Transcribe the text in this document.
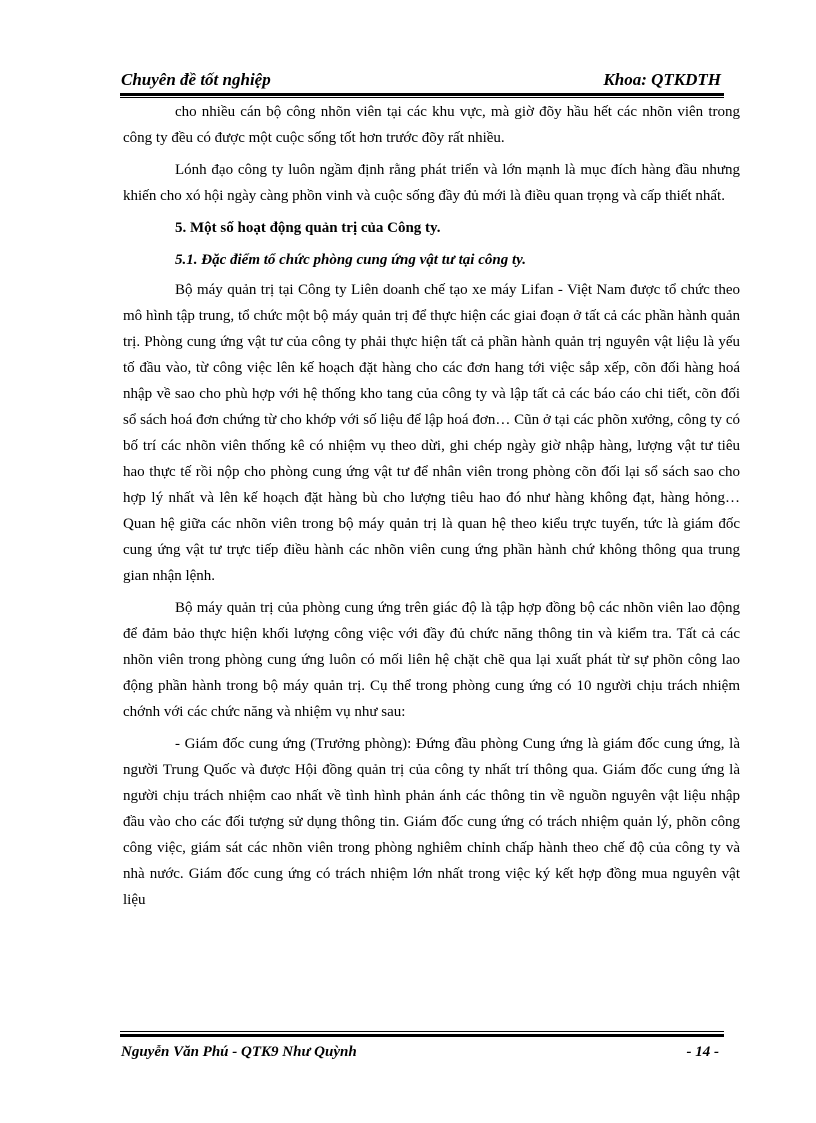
Chuyên đề tốt nghiệp	Khoa: QTKDTH

cho nhiều cán bộ công nhõn viên tại các khu vực, mà giờ đõy hầu hết các nhõn viên trong công ty đều có được một cuộc sống tốt hơn trước đõy rất nhiều.

Lónh đạo công ty luôn ngầm định rằng phát triển và lớn mạnh là mục đích hàng đầu nhưng khiến cho xó hội ngày càng phồn vinh và cuộc sống đầy đủ mới là điều quan trọng và cấp thiết nhất.

5. Một số hoạt động quản trị của Công ty.

5.1. Đặc điểm tổ chức phòng cung ứng vật tư tại công ty.

Bộ máy quản trị tại Công ty Liên doanh chế tạo xe máy Lifan - Việt Nam được tổ chức theo mô hình tập trung, tổ chức một bộ máy quản trị để thực hiện các giai đoạn ở tất cả các phần hành quản trị. Phòng cung ứng vật tư của công ty phải thực hiện tất cả phần hành quản trị nguyên vật liệu là yếu tố đầu vào, từ công việc lên kế hoạch đặt hàng cho các đơn hang tới việc sắp xếp, cõn đối hàng hoá nhập về sao cho phù hợp với hệ thống kho tang của công ty và lập tất cả các báo cáo chi tiết, cõn đối sổ sách hoá đơn chứng từ cho khớp với số liệu để lập hoá đơn… Cũn ở tại các phõn xưởng, công ty có bố trí các nhõn viên thống kê có nhiệm vụ theo dừi, ghi chép ngày giờ nhập hàng, lượng vật tư tiêu hao thực tế rồi nộp cho phòng cung ứng vật tư để nhân viên trong phòng cõn đối lại sổ sách sao cho hợp lý nhất và lên kế hoạch đặt hàng bù cho lượng tiêu hao đó như hàng không đạt, hàng hỏng… Quan hệ giữa các nhõn viên trong bộ máy quản trị là quan hệ theo kiểu trực tuyến, tức là giám đốc cung ứng vật tư trực tiếp điều hành các nhõn viên cung ứng phần hành chứ không thông qua trung gian nhận lệnh.

Bộ máy quản trị của phòng cung ứng trên giác độ là tập hợp đồng bộ các nhõn viên lao động để đảm bảo thực hiện khối lượng công việc với đầy đủ chức năng thông tin và kiểm tra. Tất cả các nhõn viên trong phòng cung ứng luôn có mối liên hệ chặt chẽ qua lại xuất phát từ sự phõn công lao động phần hành trong bộ máy quản trị. Cụ thể trong phòng cung ứng có 10 người chịu trách nhiệm chớnh với các chức năng và nhiệm vụ như sau:

- Giám đốc cung ứng (Trưởng phòng): Đứng đầu phòng Cung ứng là giám đốc cung ứng, là người Trung Quốc và được Hội đồng quản trị của công ty nhất trí thông qua. Giám đốc cung ứng là người chịu trách nhiệm cao nhất về tình hình phản ánh các thông tin về nguồn nguyên vật liệu nhập đầu vào cho các đối tượng sử dụng thông tin. Giám đốc cung ứng có trách nhiệm quản lý, phõn công công việc, giám sát các nhõn viên trong phòng nghiêm chỉnh chấp hành theo chế độ của công ty và nhà nước. Giám đốc cung ứng có trách nhiệm lớn nhất trong việc ký kết hợp đồng mua nguyên vật liệu

Nguyễn Văn Phú - QTK9 Như Quỳnh	- 14 -
